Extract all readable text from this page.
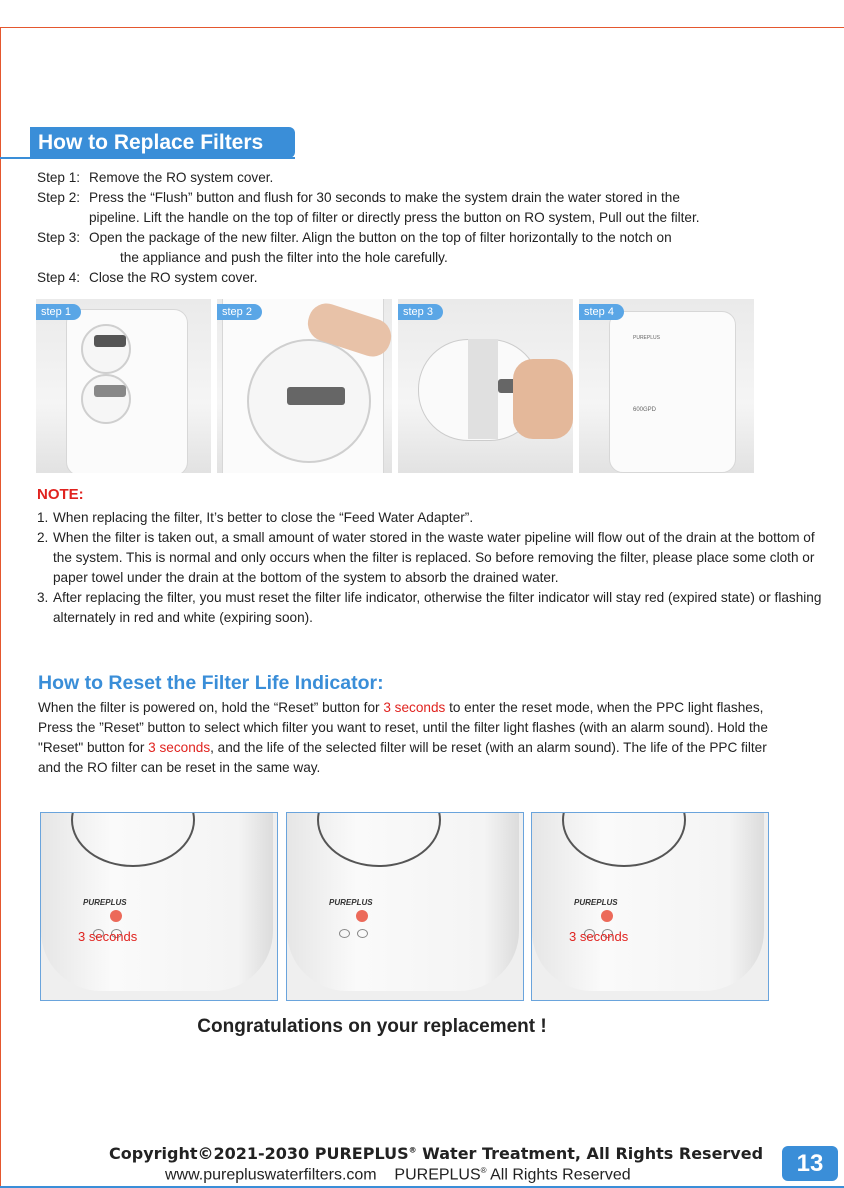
How to Replace Filters
Step 1: Remove the RO system cover.
Step 2: Press the “Flush” button and flush for 30 seconds to make the system drain the water stored in the
pipeline. Lift the handle on the top of filter or directly press the button on RO system, Pull out the filter.
Step 3: Open the package of the new filter. Align the button on the top of filter horizontally to the notch on
the appliance and push the filter into the hole carefully.
Step 4: Close the RO system cover.
step 1	step 2	step 3
PUREPLUS
600GPD
step 4
NOTE:
1. When replacing the filter, It’s better to close the “Feed Water Adapter”.
2. When the filter is taken out, a small amount of water stored in the waste water pipeline will flow out of the drain at the bottom of the system. This is normal and only occurs when the filter is replaced. So before removing the filter, please place some cloth or paper towel under the drain at the bottom of the system to absorb the drained water.
3. After replacing the filter, you must reset the filter life indicator, otherwise the filter indicator will stay red (expired state) or flashing alternately in red and white (expiring soon).
How to Reset the Filter Life Indicator:
When the filter is powered on, hold the “Reset” button for 3 seconds to enter the reset mode, when the PPC light flashes, Press the ”Reset” button to select which filter you want to reset, until the filter light flashes (with an alarm sound). Hold the "Reset" button for 3 seconds, and the life of the selected filter will be reset (with an alarm sound). The life of the PPC filter and the RO filter can be reset in the same way.
PUREPLUS
3 seconds
PUREPLUS	PUREPLUS
3 seconds
Congratulations on your replacement !
Copyright©2021-2030 PUREPLUS® Water Treatment, All Rights Reserved
www.purepluswaterfilters.com PUREPLUS® All Rights Reserved	13
